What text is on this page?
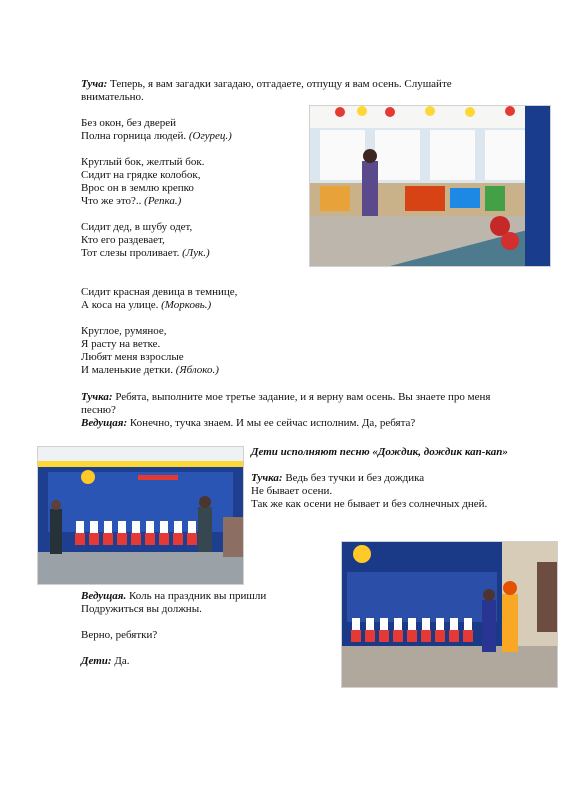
Туча: Теперь, я вам загадки загадаю, отгадаете, отпущу я вам осень. Слушайте внимательно.

Без окон, без дверей

Полна горница людей. (Огурец.)

Круглый бок, желтый бок.

Сидит на грядке колобок,

Врос он в землю крепко

Что же это?.. (Репка.)

Сидит дед, в шубу одет,

Кто его раздевает,

Тот слезы проливает. (Лук.)

Сидит красная девица в темнице,

А коса на улице. (Морковь.)

Круглое, румяное,

Я расту на ветке.

Любят меня взрослые

И маленькие детки. (Яблоко.)

Тучка: Ребята, выполните мое третье задание, и я верну вам осень. Вы знаете про меня песню?

Ведущая: Конечно, тучка знаем. И мы ее сейчас исполним. Да, ребята?

Дети исполняют песню «Дождик, дождик кап-кап»

Тучка: Ведь без тучки и без дождика

Не бывает осени.

Так же как осени не бывает и без солнечных дней.

Ведущая. Коль на праздник вы пришли

Подружиться вы должны.

Верно, ребятки?

Дети: Да.
